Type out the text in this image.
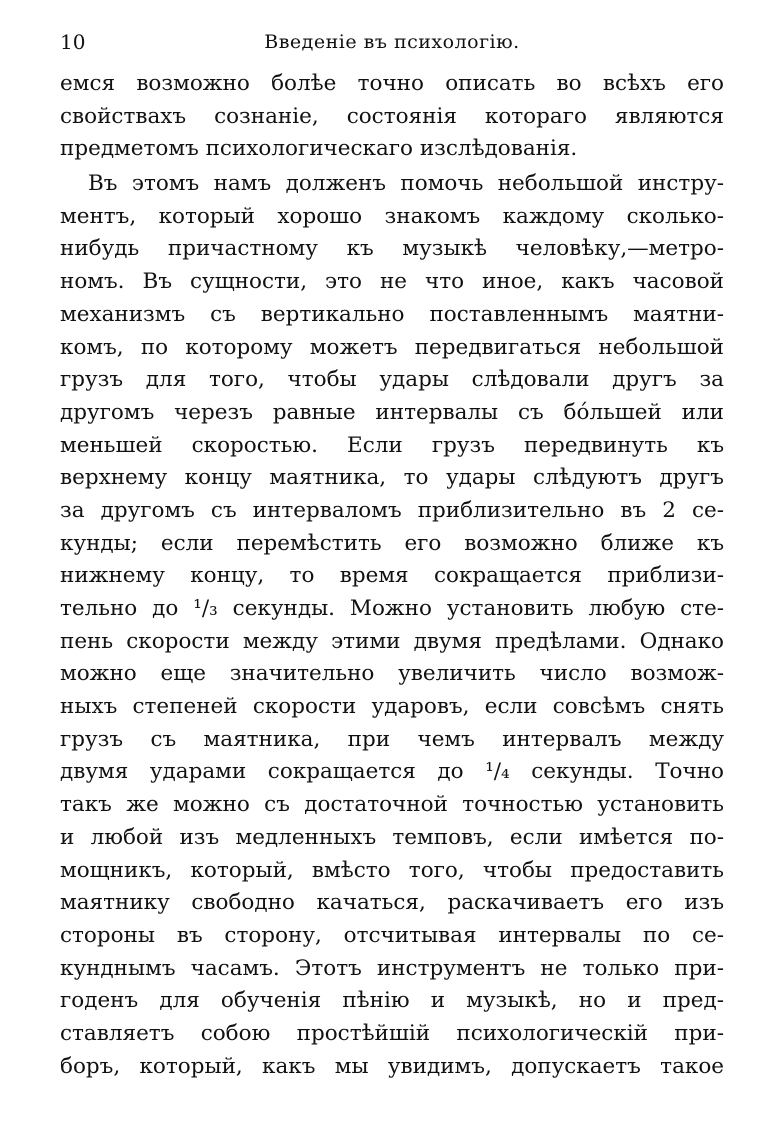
10	Введеніе въ психологію.
емся возможно болѣе точно описать во всѣхъ его
свойствахъ сознаніе, состоянія котораго являются
предметомъ психологическаго изслѣдованія.
Въ этомъ намъ долженъ помочь небольшой инстру-
ментъ, который хорошо знакомъ каждому сколько-
нибудь причастному къ музыкѣ человѣку,—метро-
номъ. Въ сущности, это не что иное, какъ часовой
механизмъ съ вертикально поставленнымъ маятни-
комъ, по которому можетъ передвигаться небольшой
грузъ для того, чтобы удары слѣдовали другъ за
другомъ черезъ равные интервалы съ бóльшей или
меньшей скоростью. Если грузъ передвинуть къ
верхнему концу маятника, то удары слѣдуютъ другъ
за другомъ съ интерваломъ приблизительно въ 2 се-
кунды; если перемѣстить его возможно ближе къ
нижнему концу, то время сокращается приблизи-
тельно до ¹/₃ секунды. Можно установить любую сте-
пень скорости между этими двумя предѣлами. Однако
можно еще значительно увеличить число возмож-
ныхъ степеней скорости ударовъ, если совсѣмъ снять
грузъ съ маятника, при чемъ интервалъ между
двумя ударами сокращается до ¹/₄ секунды. Точно
такъ же можно съ достаточной точностью установить
и любой изъ медленныхъ темповъ, если имѣется по-
мощникъ, который, вмѣсто того, чтобы предоставить
маятнику свободно качаться, раскачиваетъ его изъ
стороны въ сторону, отсчитывая интервалы по се-
кунднымъ часамъ. Этотъ инструментъ не только при-
годенъ для обученія пѣнію и музыкѣ, но и пред-
ставляетъ собою простѣйшій психологическій при-
боръ, который, какъ мы увидимъ, допускаетъ такое
